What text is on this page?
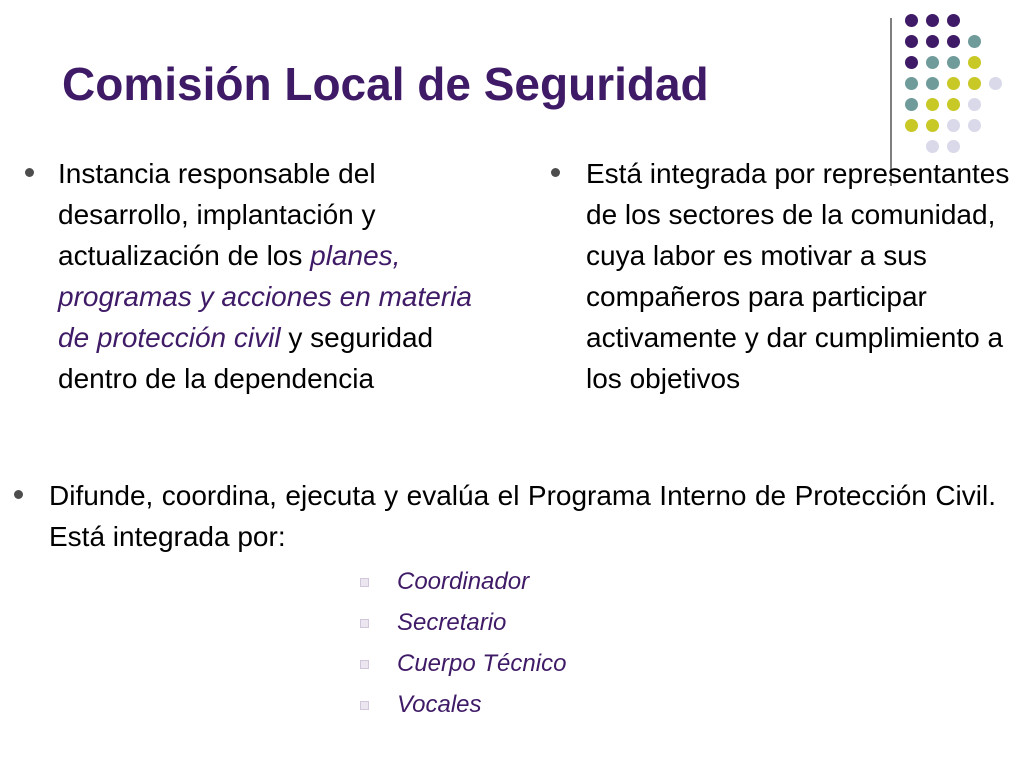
Comisión Local de Seguridad

Instancia responsable del desarrollo, implantación y actualización de los planes, programas y acciones en materia de protección civil y seguridad dentro de la dependencia

Está integrada por representantes de los sectores de la comunidad, cuya labor es motivar a sus compañeros para participar activamente y dar cumplimiento a los objetivos

Difunde, coordina, ejecuta y evalúa el Programa Interno de Protección Civil. Está integrada por:

Coordinador
Secretario
Cuerpo Técnico
Vocales
